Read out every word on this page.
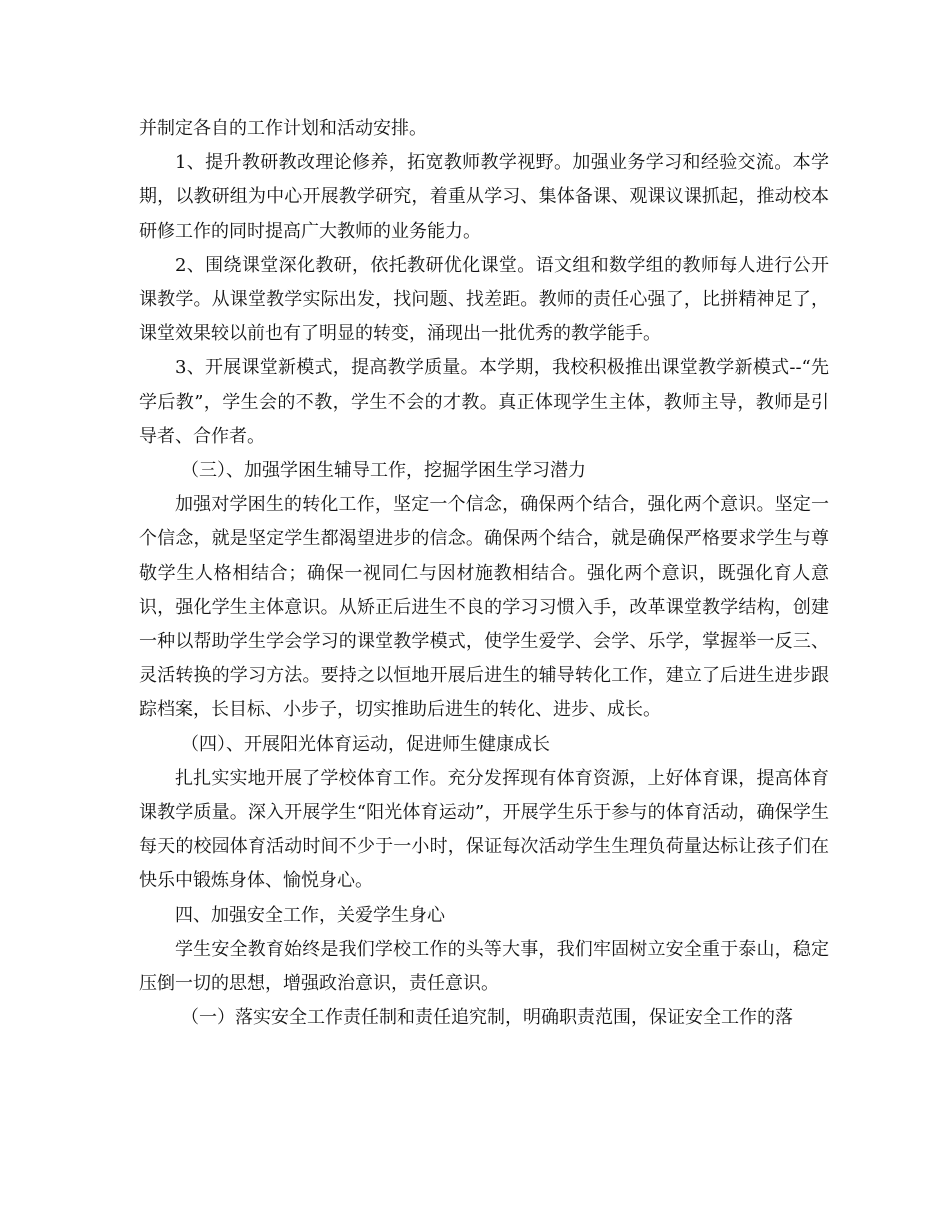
并制定各自的工作计划和活动安排。

1、提升教研教改理论修养，拓宽教师教学视野。加强业务学习和经验交流。本学期，以教研组为中心开展教学研究，着重从学习、集体备课、观课议课抓起，推动校本研修工作的同时提高广大教师的业务能力。

2、围绕课堂深化教研，依托教研优化课堂。语文组和数学组的教师每人进行公开课教学。从课堂教学实际出发，找问题、找差距。教师的责任心强了，比拼精神足了，课堂效果较以前也有了明显的转变，涌现出一批优秀的教学能手。

3、开展课堂新模式，提高教学质量。本学期，我校积极推出课堂教学新模式--“先学后教”，学生会的不教，学生不会的才教。真正体现学生主体，教师主导，教师是引导者、合作者。

（三）、加强学困生辅导工作，挖掘学困生学习潜力

加强对学困生的转化工作，坚定一个信念，确保两个结合，强化两个意识。坚定一个信念，就是坚定学生都渴望进步的信念。确保两个结合，就是确保严格要求学生与尊敬学生人格相结合；确保一视同仁与因材施教相结合。强化两个意识，既强化育人意识，强化学生主体意识。从矫正后进生不良的学习习惯入手，改革课堂教学结构，创建一种以帮助学生学会学习的课堂教学模式，使学生爱学、会学、乐学，掌握举一反三、灵活转换的学习方法。要持之以恒地开展后进生的辅导转化工作，建立了后进生进步跟踪档案，长目标、小步子，切实推助后进生的转化、进步、成长。

（四）、开展阳光体育运动，促进师生健康成长

扎扎实实地开展了学校体育工作。充分发挥现有体育资源，上好体育课，提高体育课教学质量。深入开展学生“阳光体育运动”，开展学生乐于参与的体育活动，确保学生每天的校园体育活动时间不少于一小时，保证每次活动学生生理负荷量达标让孩子们在快乐中锻炼身体、愉悦身心。

四、加强安全工作，关爱学生身心

学生安全教育始终是我们学校工作的头等大事，我们牢固树立安全重于泰山，稳定压倒一切的思想，增强政治意识，责任意识。

（一）落实安全工作责任制和责任追究制，明确职责范围，保证安全工作的落
